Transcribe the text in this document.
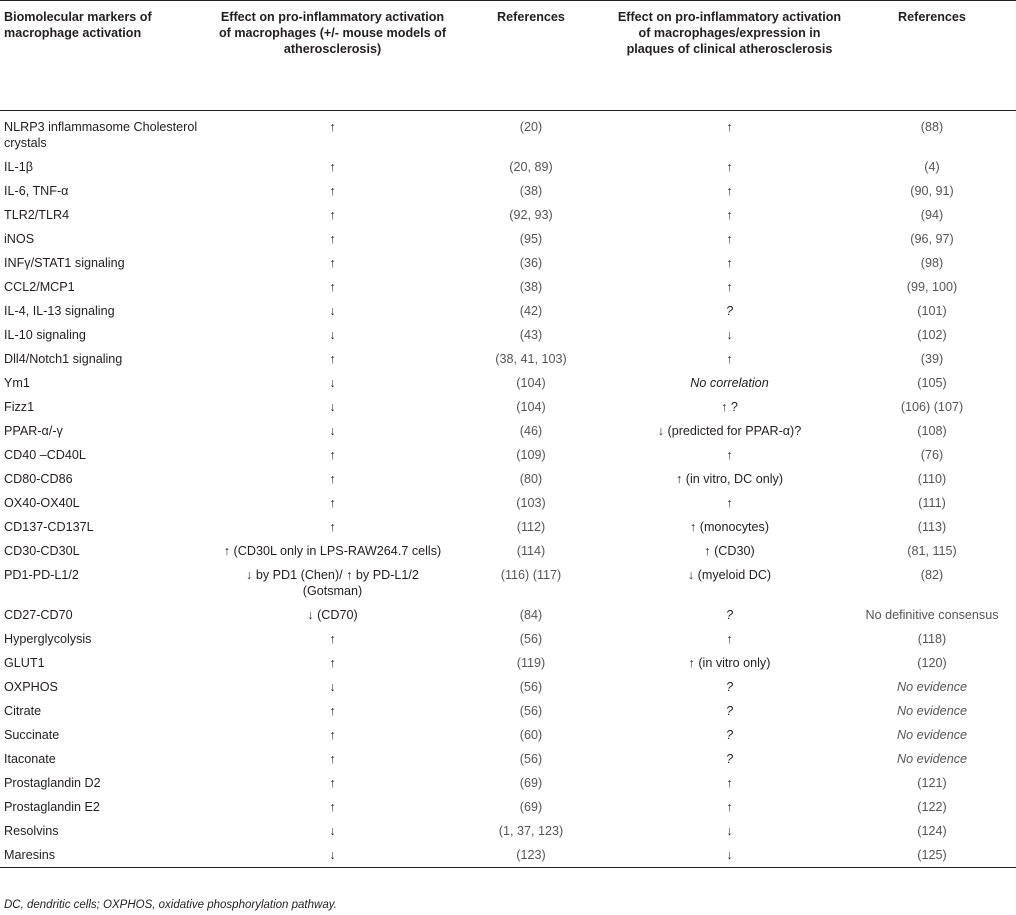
Biomolecular markers of macrophage activation	Effect on pro-inflammatory activation of macrophages (+/- mouse models of atherosclerosis)	References	Effect on pro-inflammatory activation of macrophages/expression in plaques of clinical atherosclerosis	References
NLRP3 inflammasome Cholesterol crystals	↑	(20)	↑	(88)
IL-1β	↑	(20, 89)	↑	(4)
IL-6, TNF-α	↑	(38)	↑	(90, 91)
TLR2/TLR4	↑	(92, 93)	↑	(94)
iNOS	↑	(95)	↑	(96, 97)
INFγ/STAT1 signaling	↑	(36)	↑	(98)
CCL2/MCP1	↑	(38)	↑	(99, 100)
IL-4, IL-13 signaling	↓	(42)	?	(101)
IL-10 signaling	↓	(43)	↓	(102)
Dll4/Notch1 signaling	↑	(38, 41, 103)	↑	(39)
Ym1	↓	(104)	No correlation	(105)
Fizz1	↓	(104)	↑ ?	(106) (107)
PPAR-α/-γ	↓	(46)	↓ (predicted for PPAR-α)?	(108)
CD40 –CD40L	↑	(109)	↑	(76)
CD80-CD86	↑	(80)	↑ (in vitro, DC only)	(110)
OX40-OX40L	↑	(103)	↑	(111)
CD137-CD137L	↑	(112)	↑ (monocytes)	(113)
CD30-CD30L	↑ (CD30L only in LPS-RAW264.7 cells)	(114)	↑ (CD30)	(81, 115)
PD1-PD-L1/2	↓ by PD1 (Chen)/ ↑ by PD-L1/2 (Gotsman)	(116) (117)	↓ (myeloid DC)	(82)
CD27-CD70	↓ (CD70)	(84)	?	No definitive consensus
Hyperglycolysis	↑	(56)	↑	(118)
GLUT1	↑	(119)	↑ (in vitro only)	(120)
OXPHOS	↓	(56)	?	No evidence
Citrate	↑	(56)	?	No evidence
Succinate	↑	(60)	?	No evidence
Itaconate	↑	(56)	?	No evidence
Prostaglandin D2	↑	(69)	↑	(121)
Prostaglandin E2	↑	(69)	↑	(122)
Resolvins	↓	(1, 37, 123)	↓	(124)
Maresins	↓	(123)	↓	(125)
DC, dendritic cells; OXPHOS, oxidative phosphorylation pathway.
